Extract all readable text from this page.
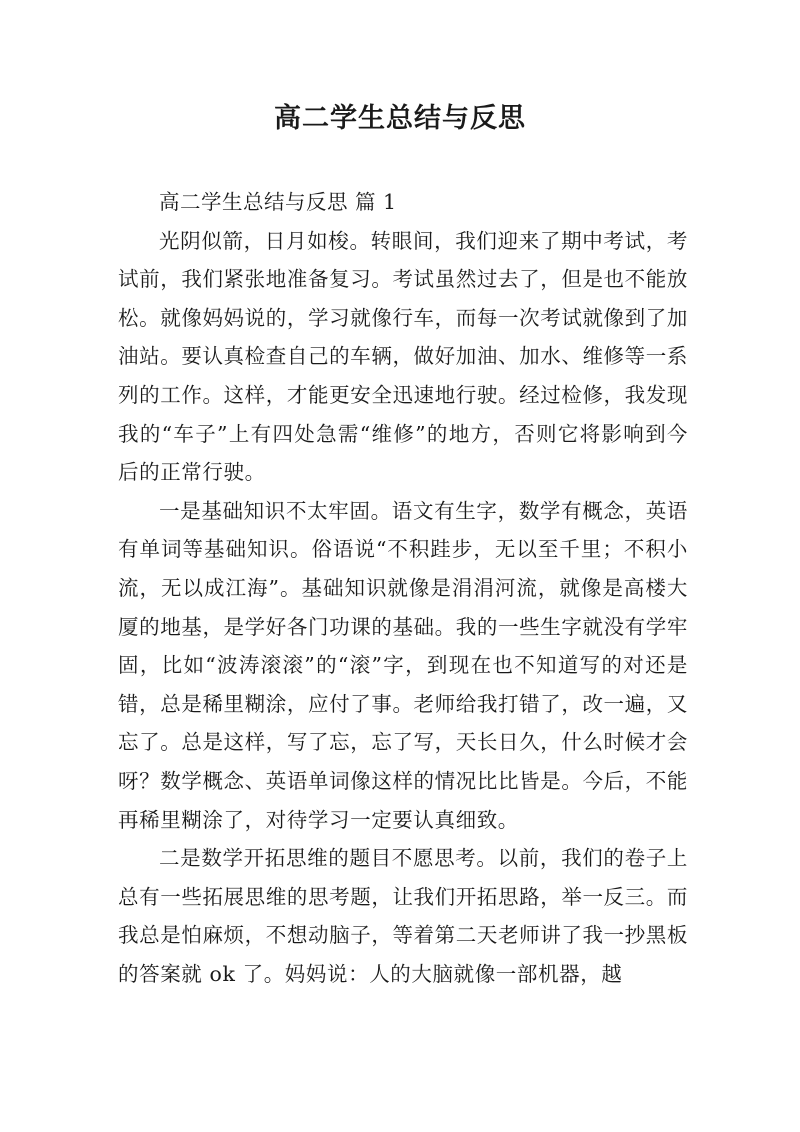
高二学生总结与反思

高二学生总结与反思 篇 1

光阴似箭，日月如梭。转眼间，我们迎来了期中考试，考试前，我们紧张地准备复习。考试虽然过去了，但是也不能放松。就像妈妈说的，学习就像行车，而每一次考试就像到了加油站。要认真检查自己的车辆，做好加油、加水、维修等一系列的工作。这样，才能更安全迅速地行驶。经过检修，我发现我的“车子”上有四处急需“维修”的地方，否则它将影响到今后的正常行驶。

一是基础知识不太牢固。语文有生字，数学有概念，英语有单词等基础知识。俗语说“不积跬步，无以至千里；不积小流，无以成江海”。基础知识就像是涓涓河流，就像是高楼大厦的地基，是学好各门功课的基础。我的一些生字就没有学牢固，比如“波涛滚滚”的“滚”字，到现在也不知道写的对还是错，总是稀里糊涂，应付了事。老师给我打错了，改一遍，又忘了。总是这样，写了忘，忘了写，天长日久，什么时候才会呀？数学概念、英语单词像这样的情况比比皆是。今后，不能再稀里糊涂了，对待学习一定要认真细致。

二是数学开拓思维的题目不愿思考。以前，我们的卷子上总有一些拓展思维的思考题，让我们开拓思路，举一反三。而我总是怕麻烦，不想动脑子，等着第二天老师讲了我一抄黑板的答案就 ok 了。妈妈说：人的大脑就像一部机器，越
